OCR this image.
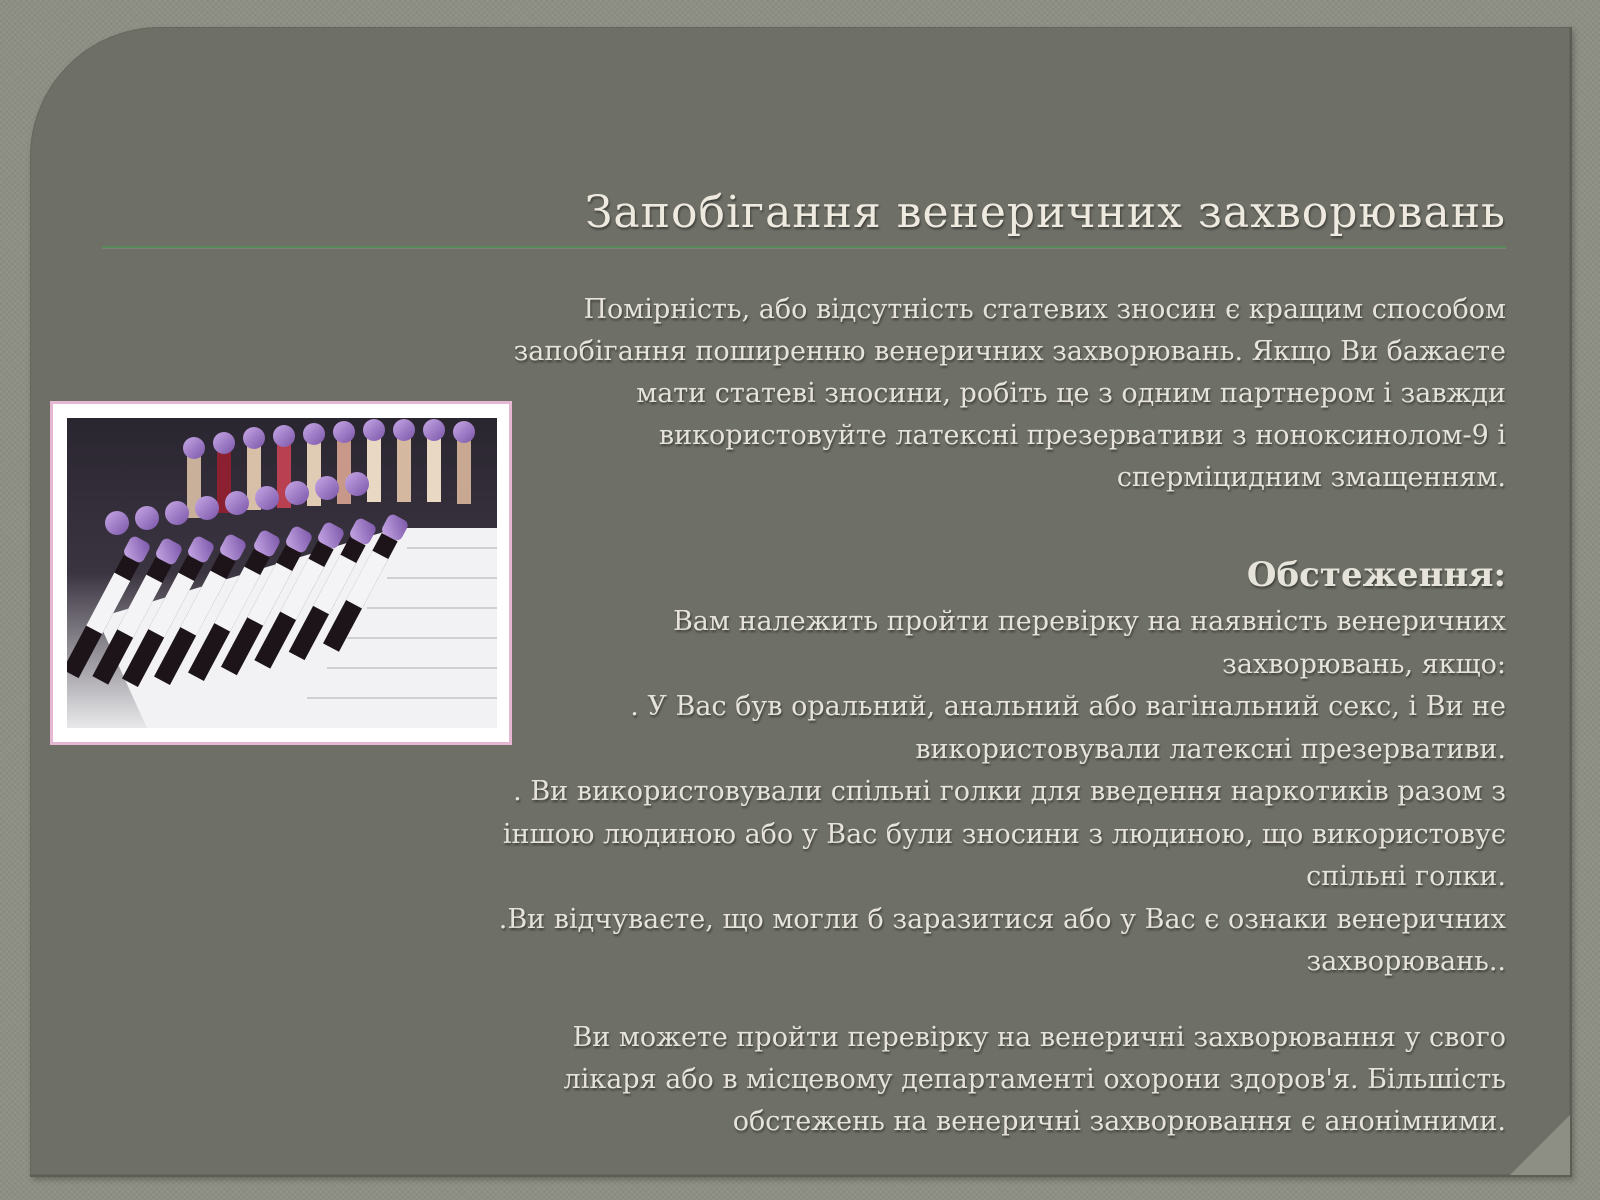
Запобігання венеричних захворювань

Помірність, або відсутність статевих зносин є кращим способом
запобігання поширенню венеричних захворювань. Якщо Ви бажаєте
мати статеві зносини, робіть це з одним партнером і завжди
використовуйте латексні презервативи з ноноксинолом-9 і
сперміцидним змащенням.

Обстеження:

Вам належить пройти перевірку на наявність венеричних
захворювань, якщо:
. У Вас був оральний, анальний або вагінальний секс, і Ви не
використовували латексні презервативи.
. Ви використовували спільні голки для введення наркотиків разом з
іншою людиною або у Вас були зносини з людиною, що використовує
спільні голки.
.Ви відчуваєте, що могли б заразитися або у Вас є ознаки венеричних
захворювань..

Ви можете пройти перевірку на венеричні захворювання у свого
лікаря або в місцевому департаменті охорони здоров'я. Більшість
обстежень на венеричні захворювання є анонімними.
